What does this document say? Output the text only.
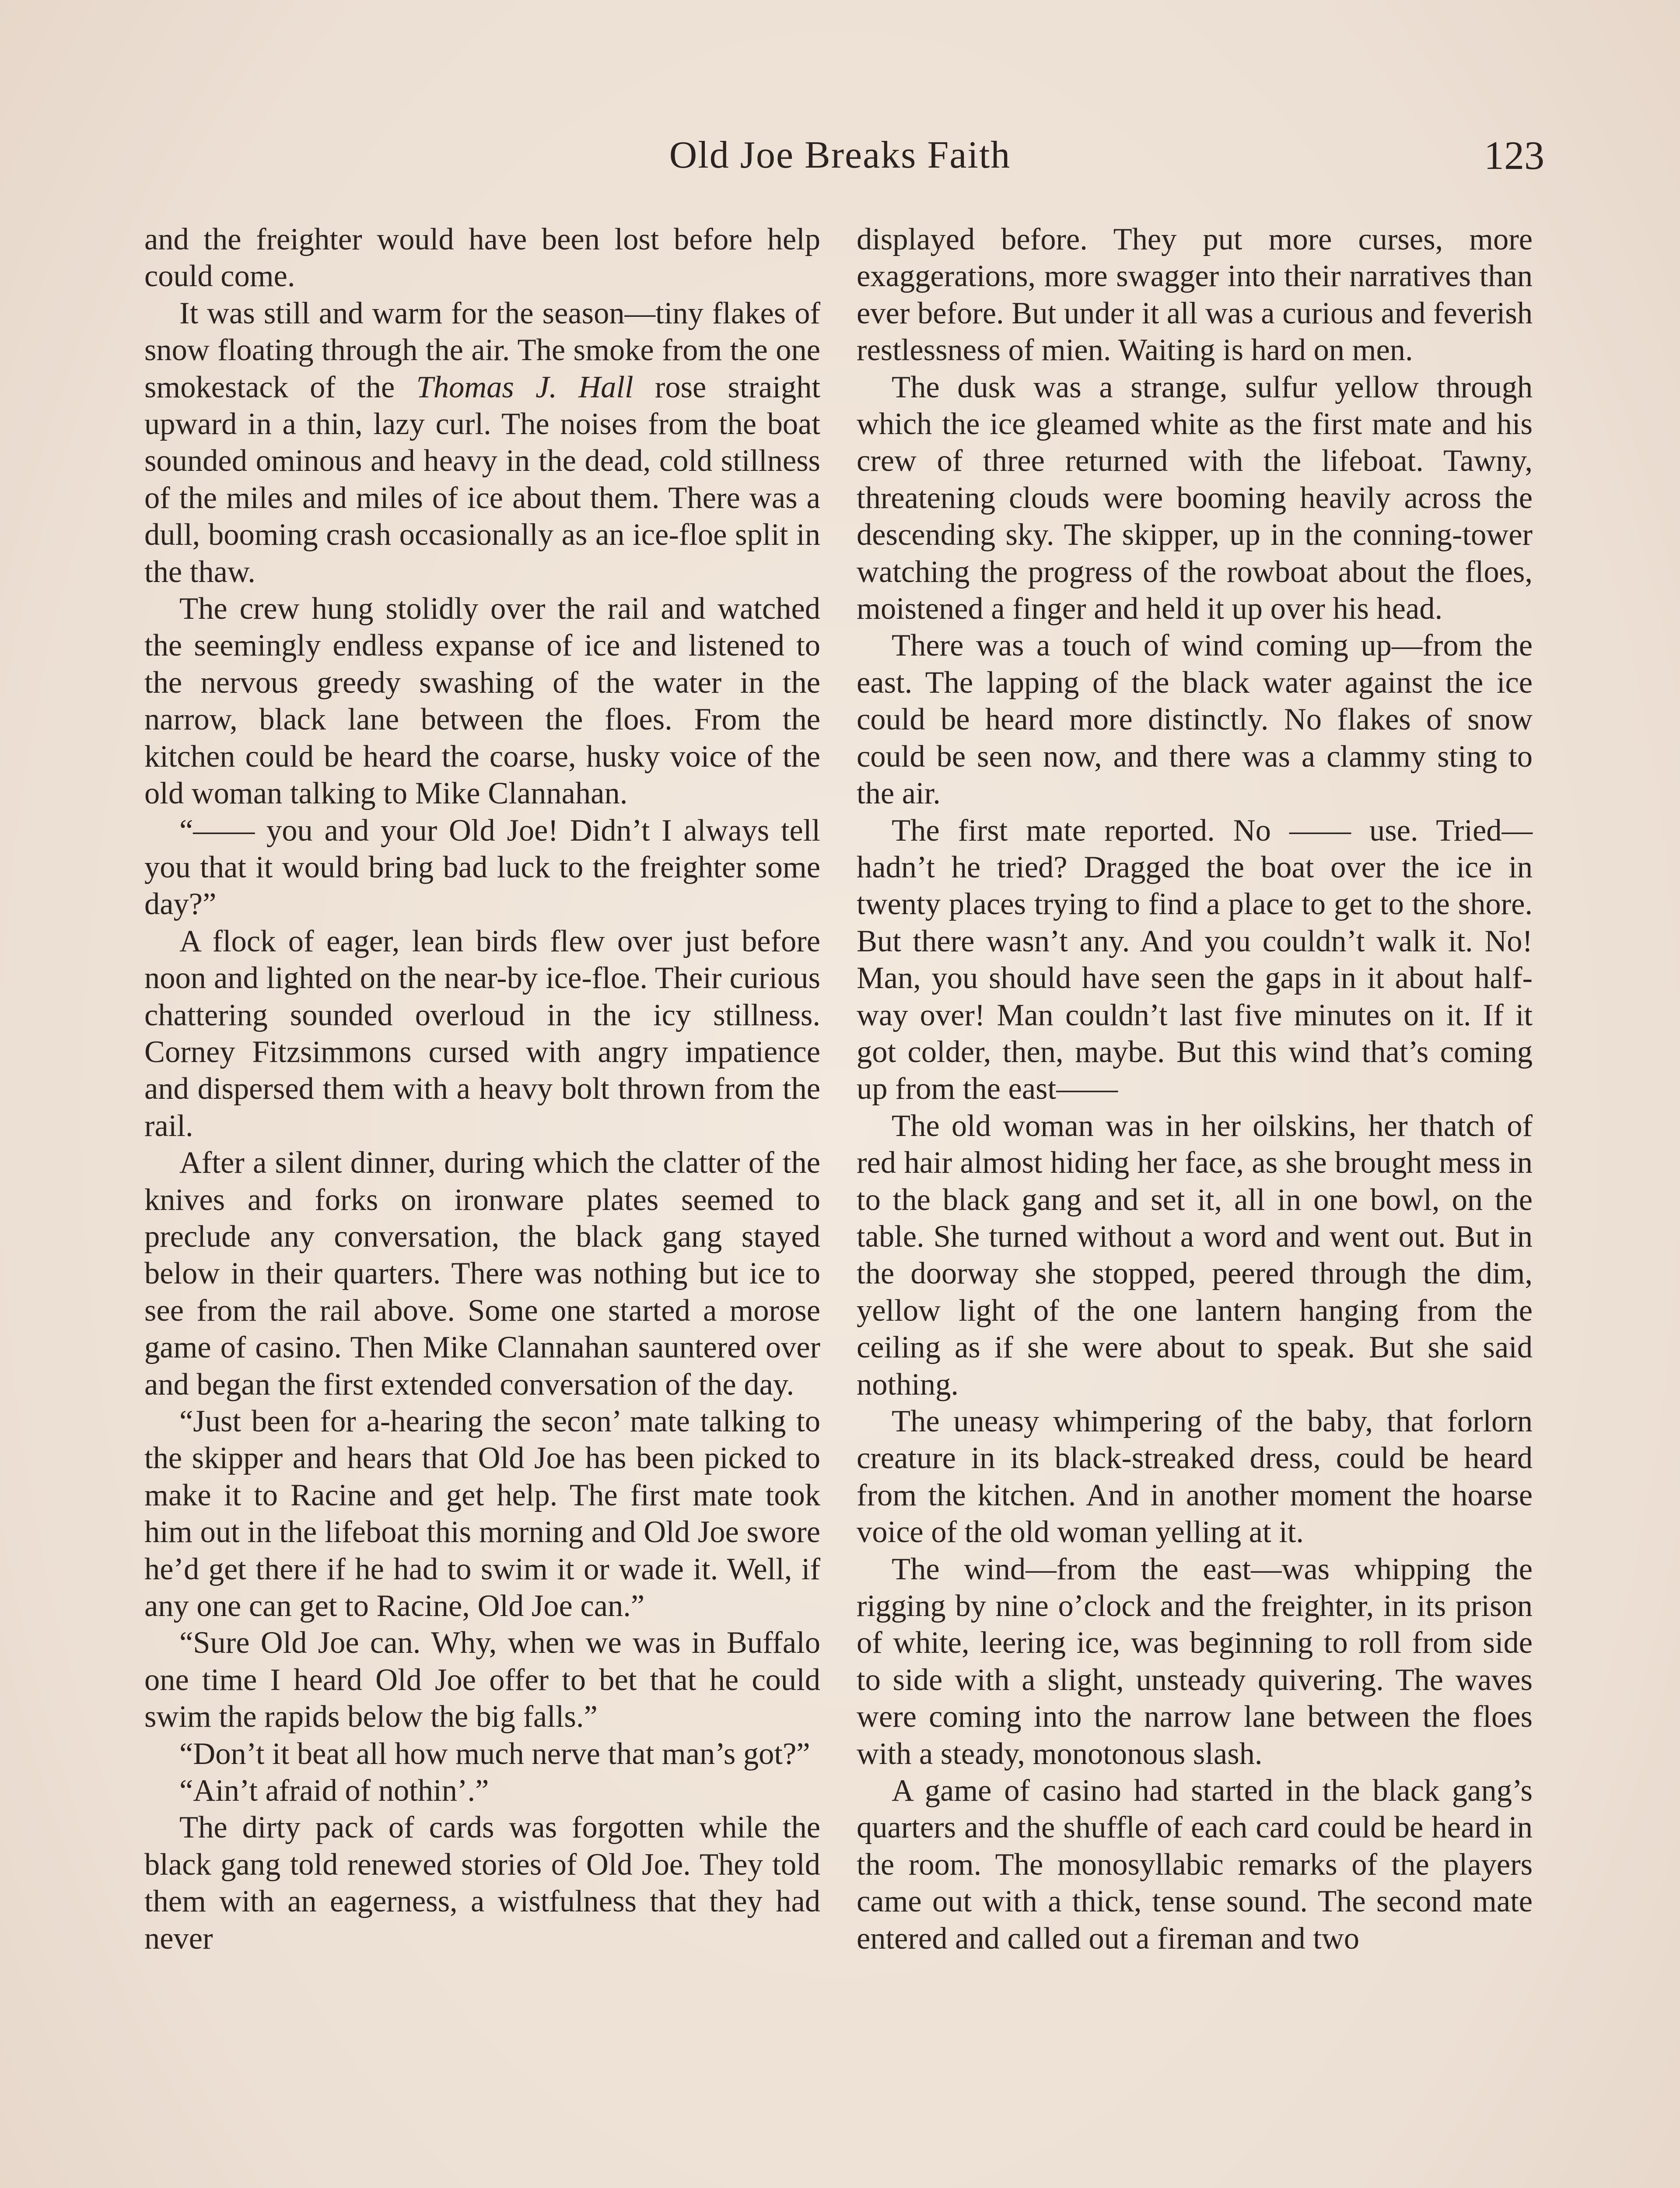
Old Joe Breaks Faith	123

and the freighter would have been lost before help could come.

It was still and warm for the season—tiny flakes of snow floating through the air. The smoke from the one smokestack of the Thomas J. Hall rose straight upward in a thin, lazy curl. The noises from the boat sounded ominous and heavy in the dead, cold stillness of the miles and miles of ice about them. There was a dull, booming crash occasionally as an ice-floe split in the thaw.

The crew hung stolidly over the rail and watched the seemingly endless expanse of ice and listened to the nervous greedy swashing of the water in the narrow, black lane between the floes. From the kitchen could be heard the coarse, husky voice of the old woman talking to Mike Clannahan.

“—— you and your Old Joe! Didn’t I always tell you that it would bring bad luck to the freighter some day?”

A flock of eager, lean birds flew over just before noon and lighted on the near-by ice-floe. Their curious chattering sounded overloud in the icy stillness. Corney Fitzsimmons cursed with angry impatience and dispersed them with a heavy bolt thrown from the rail.

After a silent dinner, during which the clatter of the knives and forks on ironware plates seemed to preclude any conversation, the black gang stayed below in their quarters. There was nothing but ice to see from the rail above. Some one started a morose game of casino. Then Mike Clannahan sauntered over and began the first extended conversation of the day.

“Just been for a-hearing the secon’ mate talking to the skipper and hears that Old Joe has been picked to make it to Racine and get help. The first mate took him out in the lifeboat this morning and Old Joe swore he’d get there if he had to swim it or wade it. Well, if any one can get to Racine, Old Joe can.”

“Sure Old Joe can. Why, when we was in Buffalo one time I heard Old Joe offer to bet that he could swim the rapids below the big falls.”

“Don’t it beat all how much nerve that man’s got?”

“Ain’t afraid of nothin’.”

The dirty pack of cards was forgotten while the black gang told renewed stories of Old Joe. They told them with an eagerness, a wistfulness that they had never

displayed before. They put more curses, more exaggerations, more swagger into their narratives than ever before. But under it all was a curious and feverish restlessness of mien. Waiting is hard on men.

The dusk was a strange, sulfur yellow through which the ice gleamed white as the first mate and his crew of three returned with the lifeboat. Tawny, threatening clouds were booming heavily across the descending sky. The skipper, up in the conning-tower watching the progress of the rowboat about the floes, moistened a finger and held it up over his head.

There was a touch of wind coming up—from the east. The lapping of the black water against the ice could be heard more distinctly. No flakes of snow could be seen now, and there was a clammy sting to the air.

The first mate reported. No —— use. Tried—hadn’t he tried? Dragged the boat over the ice in twenty places trying to find a place to get to the shore. But there wasn’t any. And you couldn’t walk it. No! Man, you should have seen the gaps in it about half-way over! Man couldn’t last five minutes on it. If it got colder, then, maybe. But this wind that’s coming up from the east——

The old woman was in her oilskins, her thatch of red hair almost hiding her face, as she brought mess in to the black gang and set it, all in one bowl, on the table. She turned without a word and went out. But in the doorway she stopped, peered through the dim, yellow light of the one lantern hanging from the ceiling as if she were about to speak. But she said nothing.

The uneasy whimpering of the baby, that forlorn creature in its black-streaked dress, could be heard from the kitchen. And in another moment the hoarse voice of the old woman yelling at it.

The wind—from the east—was whipping the rigging by nine o’clock and the freighter, in its prison of white, leering ice, was beginning to roll from side to side with a slight, unsteady quivering. The waves were coming into the narrow lane between the floes with a steady, monotonous slash.

A game of casino had started in the black gang’s quarters and the shuffle of each card could be heard in the room. The monosyllabic remarks of the players came out with a thick, tense sound. The second mate entered and called out a fireman and two
